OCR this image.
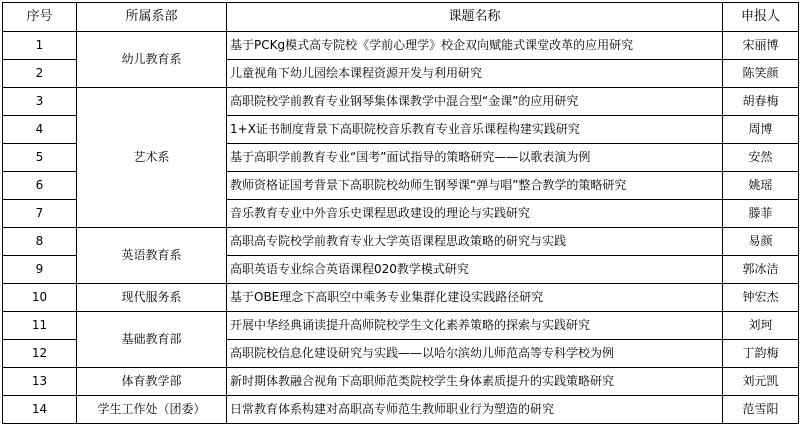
序号	所属系部	课题名称	申报人
1	幼儿教育系	基于PCKg模式高专院校《学前心理学》校企双向赋能式课堂改革的应用研究	宋丽博
2		儿童视角下幼儿园绘本课程资源开发与利用研究	陈笑颜
3	艺术系	高职院校学前教育专业钢琴集体课教学中混合型“金课”的应用研究	胡春梅
4		1+X证书制度背景下高职院校音乐教育专业音乐课程构建实践研究	周博
5		基于高职学前教育专业“国考”面试指导的策略研究——以歌表演为例	安然
6		教师资格证国考背景下高职院校幼师生钢琴课“弹与唱”整合教学的策略研究	姚瑶
7		音乐教育专业中外音乐史课程思政建设的理论与实践研究	滕菲
8	英语教育系	高职高专院校学前教育专业大学英语课程思政策略的研究与实践	易颜
9		高职英语专业综合英语课程020教学模式研究	郭冰洁
10	现代服务系	基于OBE理念下高职空中乘务专业集群化建设实践路径研究	钟宏杰
11	基础教育部	开展中华经典诵读提升高师院校学生文化素养策略的探索与实践研究	刘珂
12		高职院校信息化建设研究与实践——以哈尔滨幼儿师范高等专科学校为例	丁韵梅
13	体育教学部	新时期体教融合视角下高职师范类院校学生身体素质提升的实践策略研究	刘元凯
14	学生工作处（团委）	日常教育体系构建对高职高专师范生教师职业行为塑造的研究	范雪阳
